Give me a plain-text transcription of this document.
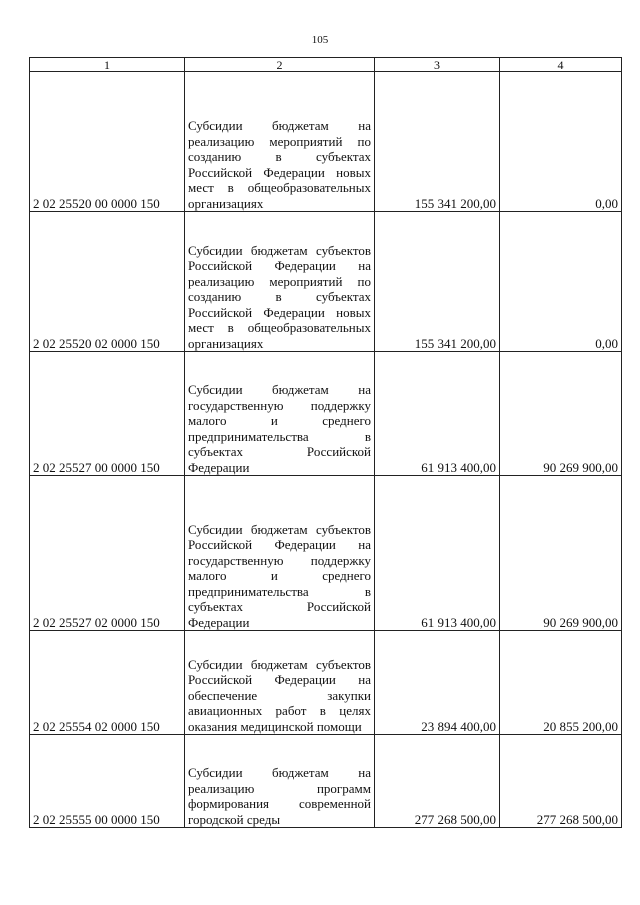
105
1	2	3	4
2 02 25520 00 0000 150	Субсидии бюджетам на реализацию мероприятий по созданию в субъектах Российской Федерации новых мест в общеобразовательных организациях	155 341 200,00	0,00
2 02 25520 02 0000 150	Субсидии бюджетам субъектов Российской Федерации на реализацию мероприятий по созданию в субъектах Российской Федерации новых мест в общеобразовательных организациях	155 341 200,00	0,00
2 02 25527 00 0000 150	Субсидии бюджетам на государственную поддержку малого и среднего предпринимательства в субъектах Российской Федерации	61 913 400,00	90 269 900,00
2 02 25527 02 0000 150	Субсидии бюджетам субъектов Российской Федерации на государственную поддержку малого и среднего предпринимательства в субъектах Российской Федерации	61 913 400,00	90 269 900,00
2 02 25554 02 0000 150	Субсидии бюджетам субъектов Российской Федерации на обеспечение закупки авиационных работ в целях оказания медицинской помощи	23 894 400,00	20 855 200,00
2 02 25555 00 0000 150	Субсидии бюджетам на реализацию программ формирования современной городской среды	277 268 500,00	277 268 500,00
